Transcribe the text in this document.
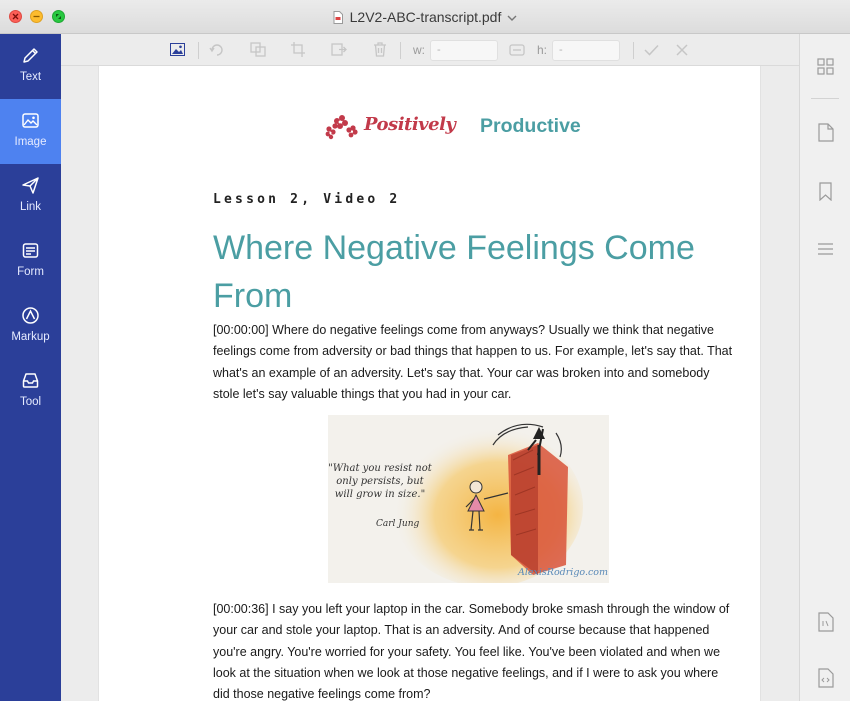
L2V2-ABC-transcript.pdf
Text
Image
Link
Form
Markup
Tool
w:	-	h:	-
Positively Productive
Lesson 2, Video 2
Where Negative Feelings Come From
[00:00:00] Where do negative feelings come from anyways? Usually we think that negative feelings come from adversity or bad things that happen to us. For example, let's say that. That what's an example of an adversity. Let's say that. Your car was broken into and somebody stole let's say valuable things that you had in your car.
"What you resist not only persists, but will grow in size."
Carl Jung
AlexisRodrigo.com
[00:00:36] I say you left your laptop in the car. Somebody broke smash through the window of your car and stole your laptop. That is an adversity. And of course because that happened you're angry. You're worried for your safety. You feel like. You've been violated and when we look at the situation when we look at those negative feelings, and if I were to ask you where did those negative feelings come from?
